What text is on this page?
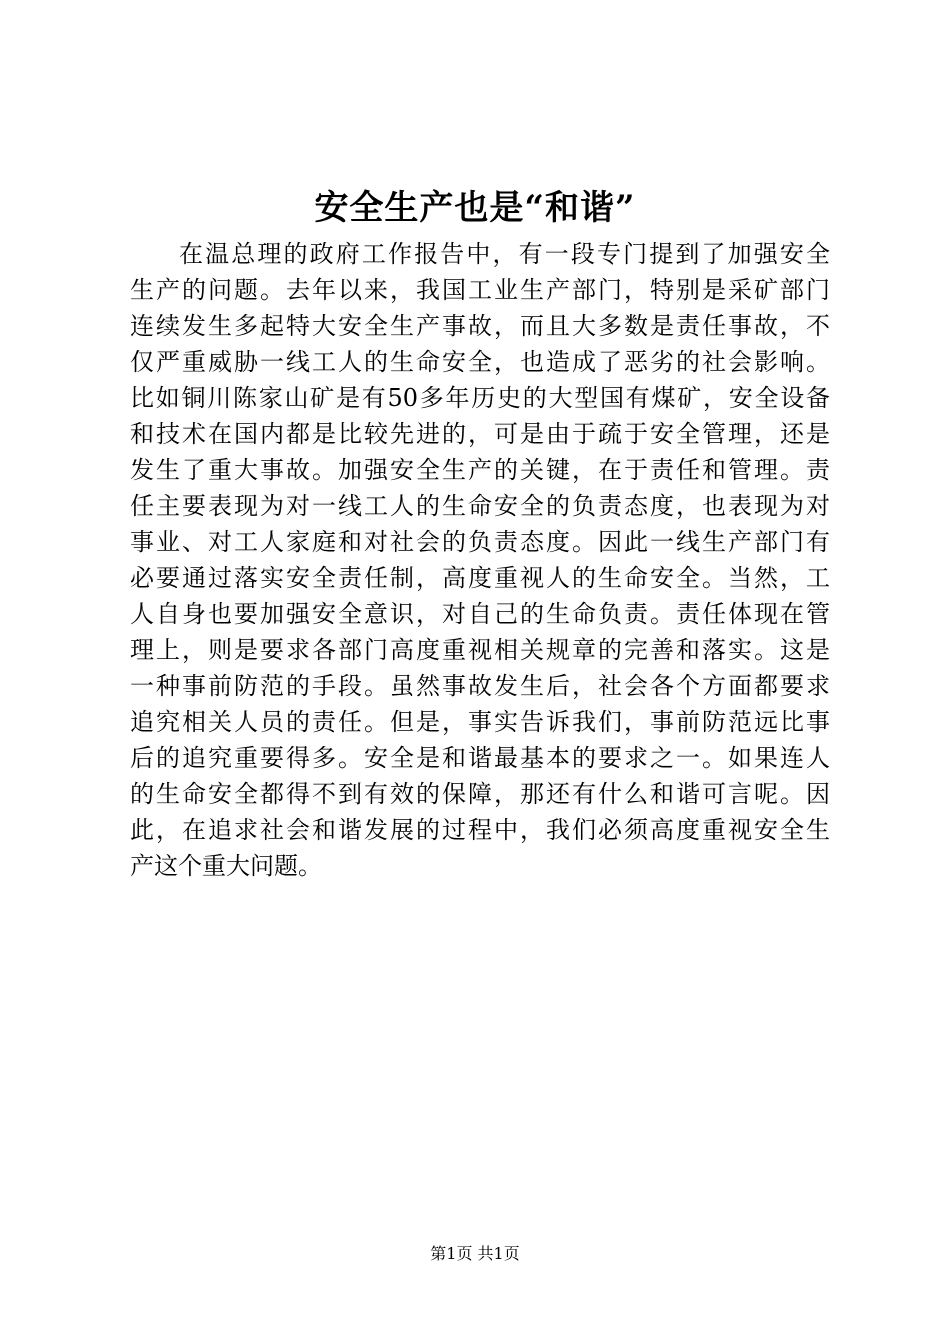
安全生产也是“和谐”
在温总理的政府工作报告中，有一段专门提到了加强安全
生产的问题。去年以来，我国工业生产部门，特别是采矿部门
连续发生多起特大安全生产事故，而且大多数是责任事故，不
仅严重威胁一线工人的生命安全，也造成了恶劣的社会影响。
比如铜川陈家山矿是有50多年历史的大型国有煤矿，安全设备
和技术在国内都是比较先进的，可是由于疏于安全管理，还是
发生了重大事故。加强安全生产的关键，在于责任和管理。责
任主要表现为对一线工人的生命安全的负责态度，也表现为对
事业、对工人家庭和对社会的负责态度。因此一线生产部门有
必要通过落实安全责任制，高度重视人的生命安全。当然，工
人自身也要加强安全意识，对自己的生命负责。责任体现在管
理上，则是要求各部门高度重视相关规章的完善和落实。这是
一种事前防范的手段。虽然事故发生后，社会各个方面都要求
追究相关人员的责任。但是，事实告诉我们，事前防范远比事
后的追究重要得多。安全是和谐最基本的要求之一。如果连人
的生命安全都得不到有效的保障，那还有什么和谐可言呢。因
此，在追求社会和谐发展的过程中，我们必须高度重视安全生
产这个重大问题。
第1页 共1页
